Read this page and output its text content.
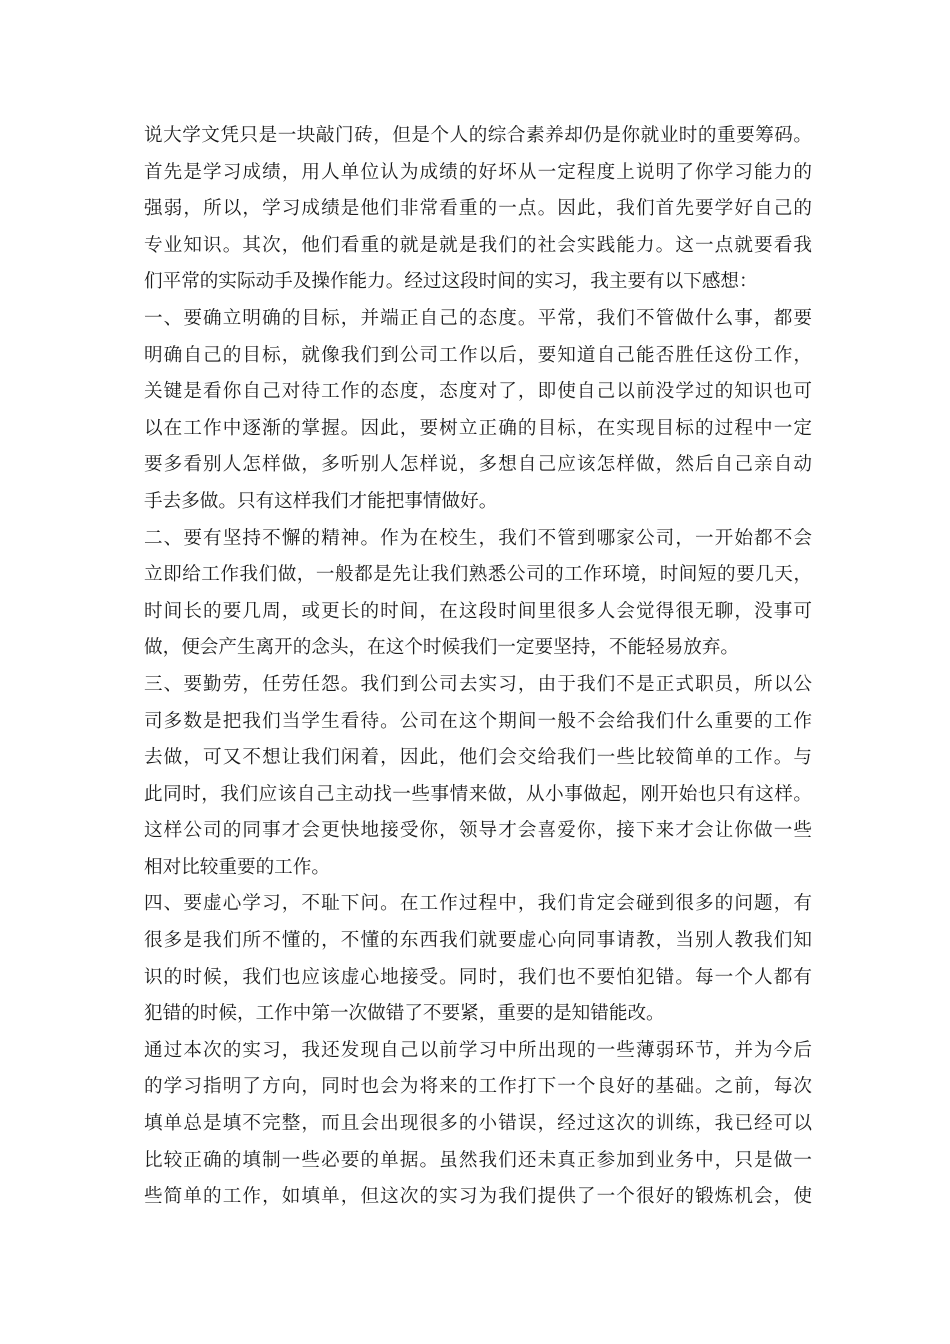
说大学文凭只是一块敲门砖，但是个人的综合素养却仍是你就业时的重要筹码。
首先是学习成绩，用人单位认为成绩的好坏从一定程度上说明了你学习能力的
强弱，所以，学习成绩是他们非常看重的一点。因此，我们首先要学好自己的
专业知识。其次，他们看重的就是就是我们的社会实践能力。这一点就要看我
们平常的实际动手及操作能力。经过这段时间的实习，我主要有以下感想：
一、要确立明确的目标，并端正自己的态度。平常，我们不管做什么事，都要
明确自己的目标，就像我们到公司工作以后，要知道自己能否胜任这份工作，
关键是看你自己对待工作的态度，态度对了，即使自己以前没学过的知识也可
以在工作中逐渐的掌握。因此，要树立正确的目标，在实现目标的过程中一定
要多看别人怎样做，多听别人怎样说，多想自己应该怎样做，然后自己亲自动
手去多做。只有这样我们才能把事情做好。
二、要有坚持不懈的精神。作为在校生，我们不管到哪家公司，一开始都不会
立即给工作我们做，一般都是先让我们熟悉公司的工作环境，时间短的要几天，
时间长的要几周，或更长的时间，在这段时间里很多人会觉得很无聊，没事可
做，便会产生离开的念头，在这个时候我们一定要坚持，不能轻易放弃。
三、要勤劳，任劳任怨。我们到公司去实习，由于我们不是正式职员，所以公
司多数是把我们当学生看待。公司在这个期间一般不会给我们什么重要的工作
去做，可又不想让我们闲着，因此，他们会交给我们一些比较简单的工作。与
此同时，我们应该自己主动找一些事情来做，从小事做起，刚开始也只有这样。
这样公司的同事才会更快地接受你，领导才会喜爱你，接下来才会让你做一些
相对比较重要的工作。
四、要虚心学习，不耻下问。在工作过程中，我们肯定会碰到很多的问题，有
很多是我们所不懂的，不懂的东西我们就要虚心向同事请教，当别人教我们知
识的时候，我们也应该虚心地接受。同时，我们也不要怕犯错。每一个人都有
犯错的时候，工作中第一次做错了不要紧，重要的是知错能改。
通过本次的实习，我还发现自己以前学习中所出现的一些薄弱环节，并为今后
的学习指明了方向，同时也会为将来的工作打下一个良好的基础。之前，每次
填单总是填不完整，而且会出现很多的小错误，经过这次的训练，我已经可以
比较正确的填制一些必要的单据。虽然我们还未真正参加到业务中，只是做一
些简单的工作，如填单，但这次的实习为我们提供了一个很好的锻炼机会，使
